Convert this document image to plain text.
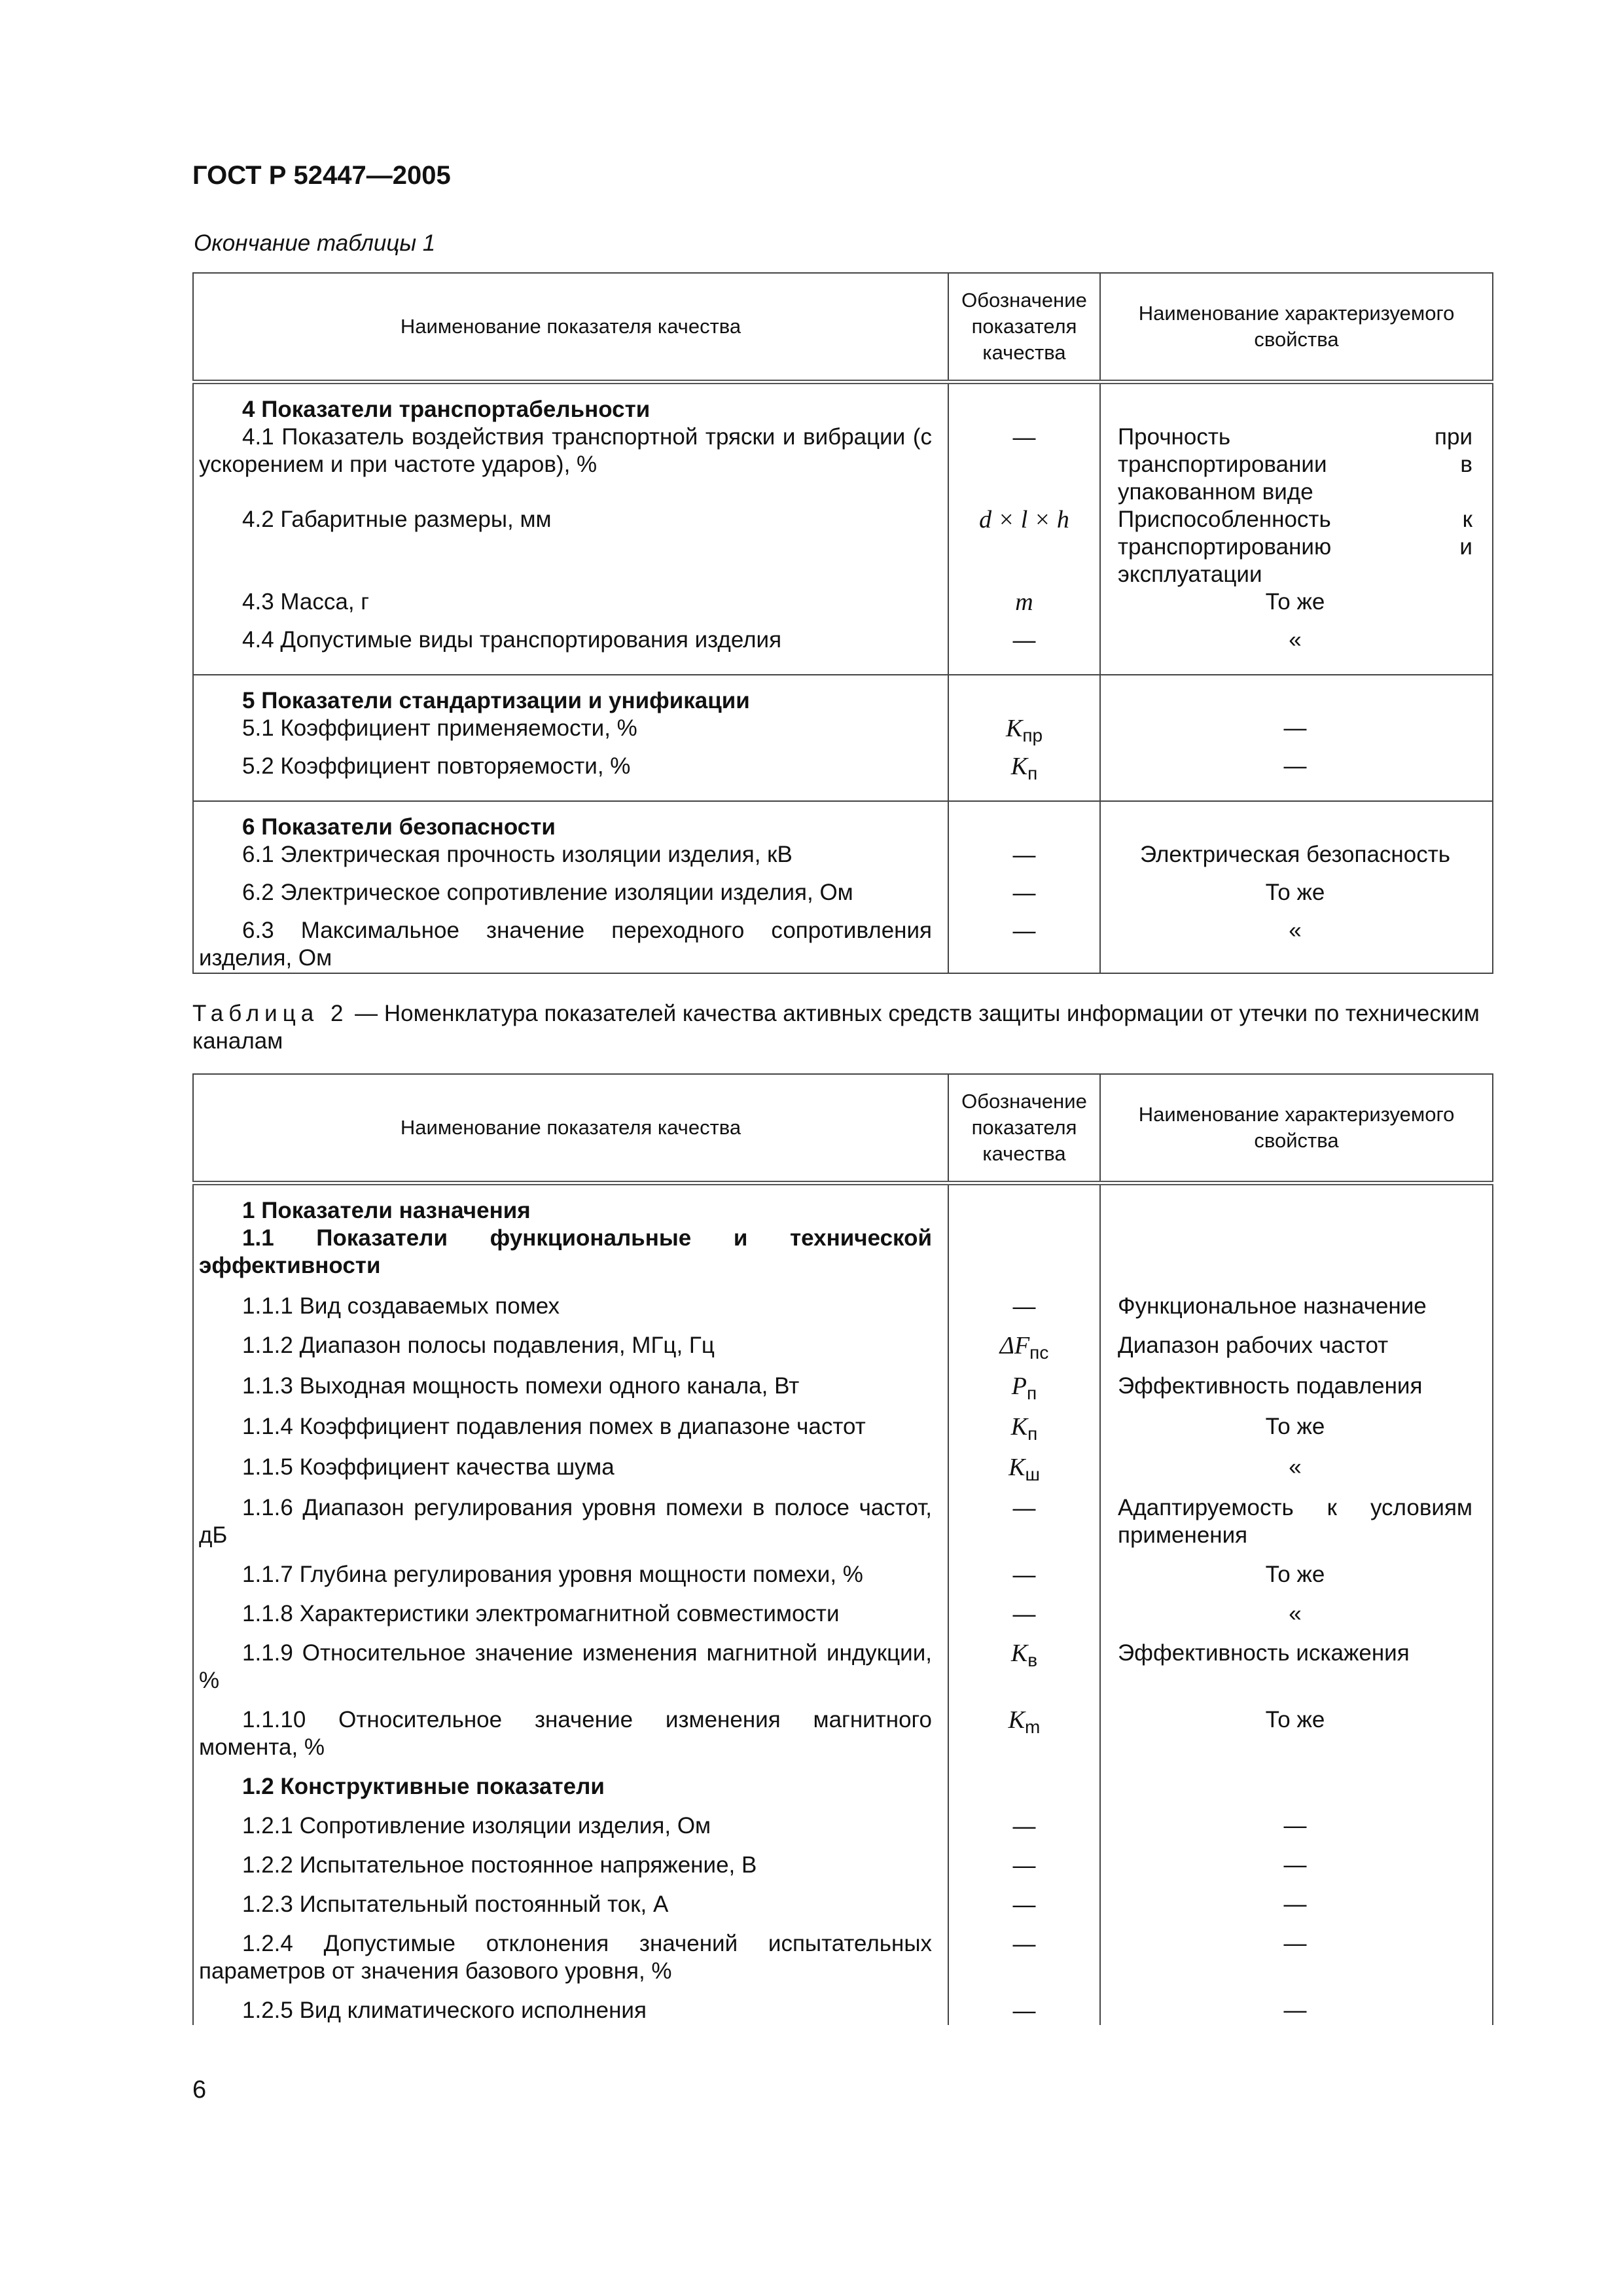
ГОСТ Р 52447—2005
Окончание таблицы 1
Наименование показателя качества	Обозначение показателя качества	Наименование характеризуемого свойства
4 Показатели транспортабельности		
4.1 Показатель воздействия транспортной тряски и вибрации (с ускорением и при частоте ударов), %	—	Прочность при транспортировании в упакованном виде
4.2 Габаритные размеры, мм	d × l × h	Приспособленность к транспортированию и эксплуатации
4.3 Масса, г	m	То же
4.4 Допустимые виды транспортирования изделия	—	«
5 Показатели стандартизации и унификации		
5.1 Коэффициент применяемости, %	$K_{пр}$	—
5.2 Коэффициент повторяемости, %	$K_п$	—
6 Показатели безопасности		
6.1 Электрическая прочность изоляции изделия, кВ	—	Электрическая безопасность
6.2 Электрическое сопротивление изоляции изделия, Ом	—	То же
6.3 Максимальное значение переходного сопротивления изделия, Ом	—	«
Таблица 2 — Номенклатура показателей качества активных средств защиты информации от утечки по техническим каналам
Наименование показателя качества	Обозначение показателя качества	Наименование характеризуемого свойства
1 Показатели назначения		
1.1 Показатели функциональные и технической эффективности		
1.1.1 Вид создаваемых помех	—	Функциональное назначение
1.1.2 Диапазон полосы подавления, МГц, Гц	$\Delta F_{пс}$	Диапазон рабочих частот
1.1.3 Выходная мощность помехи одного канала, Вт	$P_п$	Эффективность подавления
1.1.4 Коэффициент подавления помех в диапазоне частот	$K_п$	То же
1.1.5 Коэффициент качества шума	$K_ш$	«
1.1.6 Диапазон регулирования уровня помехи в полосе частот, дБ	—	Адаптируемость к условиям применения
1.1.7 Глубина регулирования уровня мощности помехи, %	—	То же
1.1.8 Характеристики электромагнитной совместимости	—	«
1.1.9 Относительное значение изменения магнитной индукции, %	$K_в$	Эффективность искажения
1.1.10 Относительное значение изменения магнитного момента, %	$K_m$	То же
1.2 Конструктивные показатели		
1.2.1 Сопротивление изоляции изделия, Ом	—	—
1.2.2 Испытательное постоянное напряжение, В	—	—
1.2.3 Испытательный постоянный ток, А	—	—
1.2.4 Допустимые отклонения значений испытательных параметров от значения базового уровня, %	—	—
1.2.5 Вид климатического исполнения	—	—
6
